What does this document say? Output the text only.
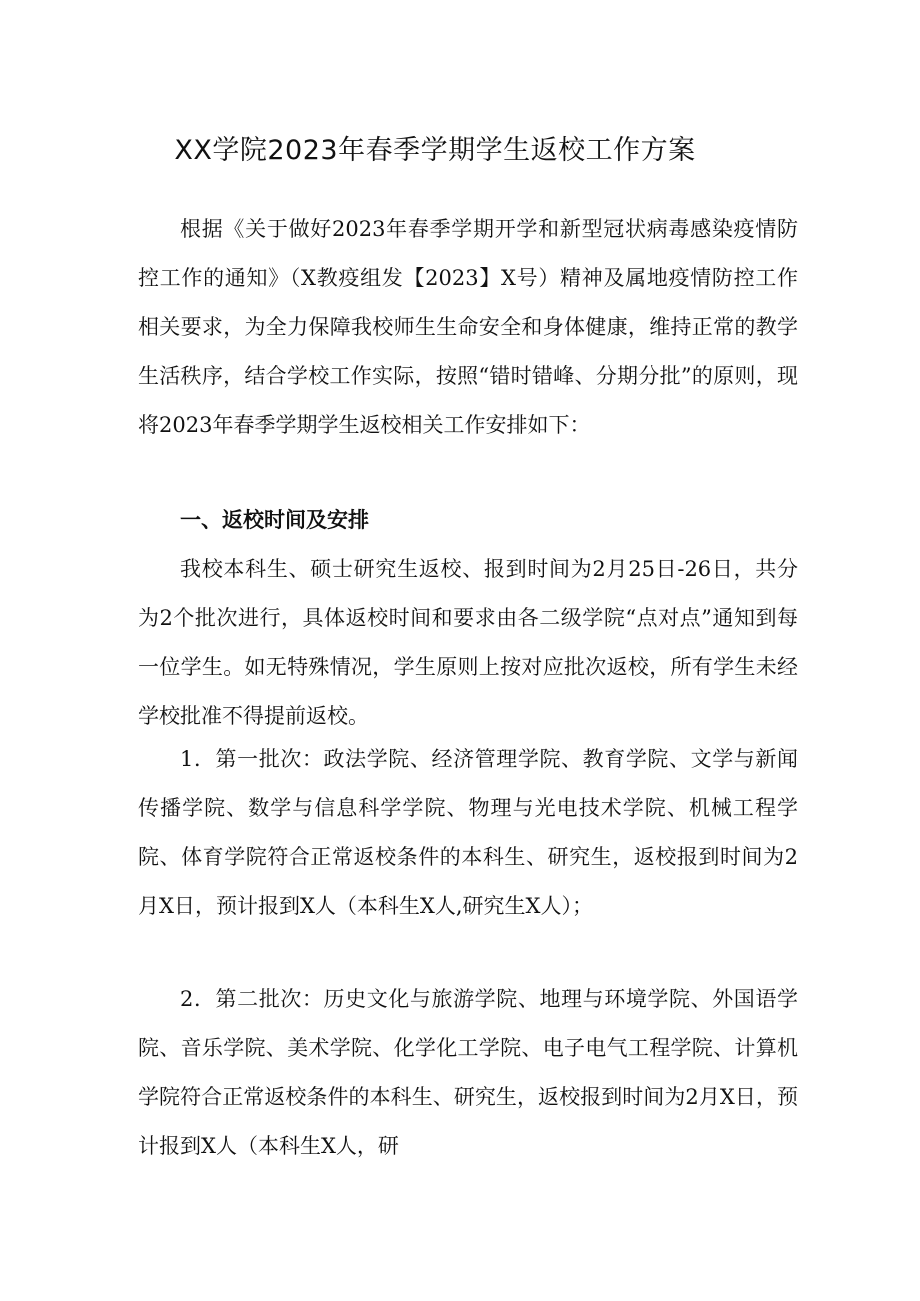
XX学院2023年春季学期学生返校工作方案

根据《关于做好2023年春季学期开学和新型冠状病毒感染疫情防控工作的通知》（X教疫组发【2023】X号）精神及属地疫情防控工作相关要求，为全力保障我校师生生命安全和身体健康，维持正常的教学生活秩序，结合学校工作实际，按照“错时错峰、分期分批”的原则，现将2023年春季学期学生返校相关工作安排如下：

一、返校时间及安排

我校本科生、硕士研究生返校、报到时间为2月25日-26日，共分为2个批次进行，具体返校时间和要求由各二级学院“点对点”通知到每一位学生。如无特殊情况，学生原则上按对应批次返校，所有学生未经学校批准不得提前返校。

1．第一批次：政法学院、经济管理学院、教育学院、文学与新闻传播学院、数学与信息科学学院、物理与光电技术学院、机械工程学院、体育学院符合正常返校条件的本科生、研究生，返校报到时间为2月X日，预计报到X人（本科生X人,研究生X人）；

2．第二批次：历史文化与旅游学院、地理与环境学院、外国语学院、音乐学院、美术学院、化学化工学院、电子电气工程学院、计算机学院符合正常返校条件的本科生、研究生，返校报到时间为2月X日，预计报到X人（本科生X人，研
